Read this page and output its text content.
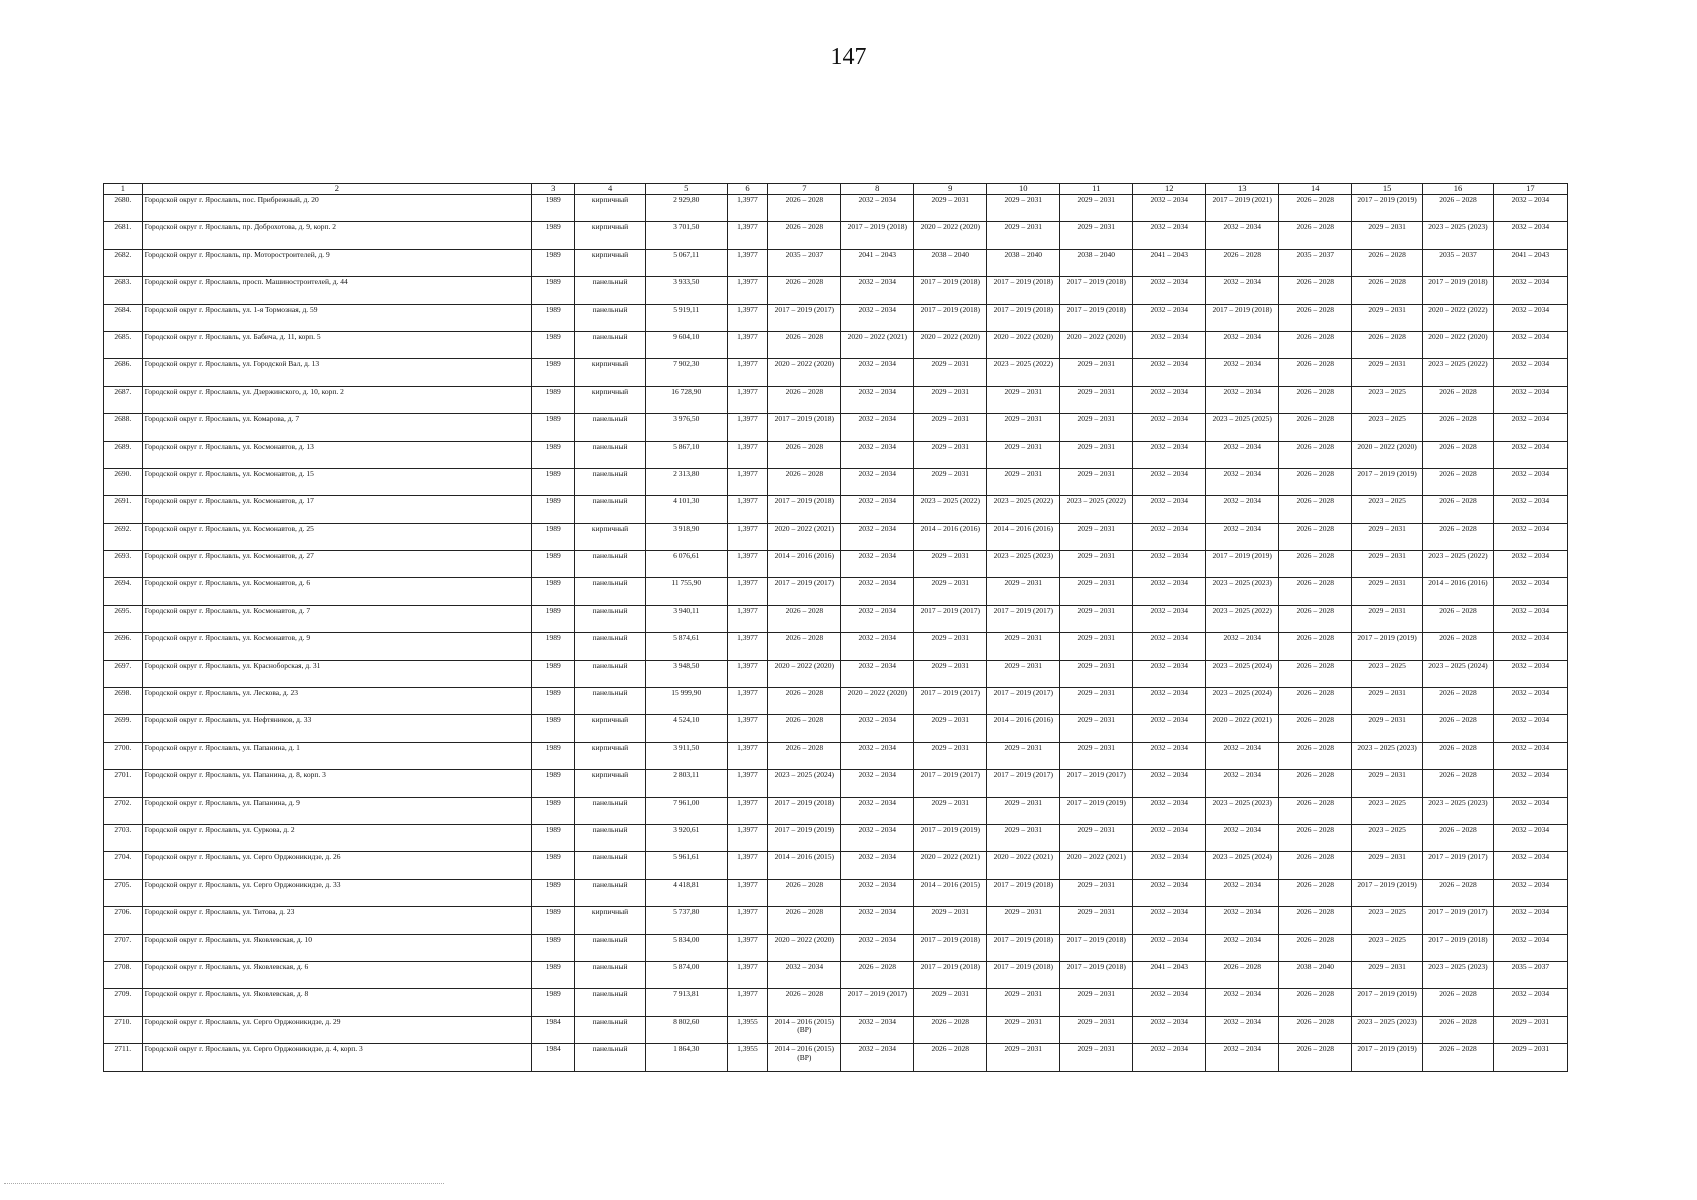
147
1	2	3	4	5	6	7	8	9	10	11	12	13	14	15	16	17
2680.	Городской округ г. Ярославль, пос. Прибрежный, д. 20	1989	кирпичный	2 929,80	1,3977	2026 – 2028	2032 – 2034	2029 – 2031	2029 – 2031	2029 – 2031	2032 – 2034	2017 – 2019 (2021)	2026 – 2028	2017 – 2019 (2019)	2026 – 2028	2032 – 2034
2681.	Городской округ г. Ярославль, пр. Доброхотова, д. 9, корп. 2	1989	кирпичный	3 701,50	1,3977	2026 – 2028	2017 – 2019 (2018)	2020 – 2022 (2020)	2029 – 2031	2029 – 2031	2032 – 2034	2032 – 2034	2026 – 2028	2029 – 2031	2023 – 2025 (2023)	2032 – 2034
2682.	Городской округ г. Ярославль, пр. Моторостроителей, д. 9	1989	кирпичный	5 067,11	1,3977	2035 – 2037	2041 – 2043	2038 – 2040	2038 – 2040	2038 – 2040	2041 – 2043	2026 – 2028	2035 – 2037	2026 – 2028	2035 – 2037	2041 – 2043
2683.	Городской округ г. Ярославль, просп. Машиностроителей, д. 44	1989	панельный	3 933,50	1,3977	2026 – 2028	2032 – 2034	2017 – 2019 (2018)	2017 – 2019 (2018)	2017 – 2019 (2018)	2032 – 2034	2032 – 2034	2026 – 2028	2026 – 2028	2017 – 2019 (2018)	2032 – 2034
2684.	Городской округ г. Ярославль, ул. 1-я Тормозная, д. 59	1989	панельный	5 919,11	1,3977	2017 – 2019 (2017)	2032 – 2034	2017 – 2019 (2018)	2017 – 2019 (2018)	2017 – 2019 (2018)	2032 – 2034	2017 – 2019 (2018)	2026 – 2028	2029 – 2031	2020 – 2022 (2022)	2032 – 2034
2685.	Городской округ г. Ярославль, ул. Бабича, д. 11, корп. 5	1989	панельный	9 604,10	1,3977	2026 – 2028	2020 – 2022 (2021)	2020 – 2022 (2020)	2020 – 2022 (2020)	2020 – 2022 (2020)	2032 – 2034	2032 – 2034	2026 – 2028	2026 – 2028	2020 – 2022 (2020)	2032 – 2034
2686.	Городской округ г. Ярославль, ул. Городской Вал, д. 13	1989	кирпичный	7 902,30	1,3977	2020 – 2022 (2020)	2032 – 2034	2029 – 2031	2023 – 2025 (2022)	2029 – 2031	2032 – 2034	2032 – 2034	2026 – 2028	2029 – 2031	2023 – 2025 (2022)	2032 – 2034
2687.	Городской округ г. Ярославль, ул. Дзержинского, д. 10, корп. 2	1989	кирпичный	16 728,90	1,3977	2026 – 2028	2032 – 2034	2029 – 2031	2029 – 2031	2029 – 2031	2032 – 2034	2032 – 2034	2026 – 2028	2023 – 2025	2026 – 2028	2032 – 2034
2688.	Городской округ г. Ярославль, ул. Комарова, д. 7	1989	панельный	3 976,50	1,3977	2017 – 2019 (2018)	2032 – 2034	2029 – 2031	2029 – 2031	2029 – 2031	2032 – 2034	2023 – 2025 (2025)	2026 – 2028	2023 – 2025	2026 – 2028	2032 – 2034
2689.	Городской округ г. Ярославль, ул. Космонавтов, д. 13	1989	панельный	5 867,10	1,3977	2026 – 2028	2032 – 2034	2029 – 2031	2029 – 2031	2029 – 2031	2032 – 2034	2032 – 2034	2026 – 2028	2020 – 2022 (2020)	2026 – 2028	2032 – 2034
2690.	Городской округ г. Ярославль, ул. Космонавтов, д. 15	1989	панельный	2 313,80	1,3977	2026 – 2028	2032 – 2034	2029 – 2031	2029 – 2031	2029 – 2031	2032 – 2034	2032 – 2034	2026 – 2028	2017 – 2019 (2019)	2026 – 2028	2032 – 2034
2691.	Городской округ г. Ярославль, ул. Космонавтов, д. 17	1989	панельный	4 101,30	1,3977	2017 – 2019 (2018)	2032 – 2034	2023 – 2025 (2022)	2023 – 2025 (2022)	2023 – 2025 (2022)	2032 – 2034	2032 – 2034	2026 – 2028	2023 – 2025	2026 – 2028	2032 – 2034
2692.	Городской округ г. Ярославль, ул. Космонавтов, д. 25	1989	кирпичный	3 918,90	1,3977	2020 – 2022 (2021)	2032 – 2034	2014 – 2016 (2016)	2014 – 2016 (2016)	2029 – 2031	2032 – 2034	2032 – 2034	2026 – 2028	2029 – 2031	2026 – 2028	2032 – 2034
2693.	Городской округ г. Ярославль, ул. Космонавтов, д. 27	1989	панельный	6 076,61	1,3977	2014 – 2016 (2016)	2032 – 2034	2029 – 2031	2023 – 2025 (2023)	2029 – 2031	2032 – 2034	2017 – 2019 (2019)	2026 – 2028	2029 – 2031	2023 – 2025 (2022)	2032 – 2034
2694.	Городской округ г. Ярославль, ул. Космонавтов, д. 6	1989	панельный	11 755,90	1,3977	2017 – 2019 (2017)	2032 – 2034	2029 – 2031	2029 – 2031	2029 – 2031	2032 – 2034	2023 – 2025 (2023)	2026 – 2028	2029 – 2031	2014 – 2016 (2016)	2032 – 2034
2695.	Городской округ г. Ярославль, ул. Космонавтов, д. 7	1989	панельный	3 940,11	1,3977	2026 – 2028	2032 – 2034	2017 – 2019 (2017)	2017 – 2019 (2017)	2029 – 2031	2032 – 2034	2023 – 2025 (2022)	2026 – 2028	2029 – 2031	2026 – 2028	2032 – 2034
2696.	Городской округ г. Ярославль, ул. Космонавтов, д. 9	1989	панельный	5 874,61	1,3977	2026 – 2028	2032 – 2034	2029 – 2031	2029 – 2031	2029 – 2031	2032 – 2034	2032 – 2034	2026 – 2028	2017 – 2019 (2019)	2026 – 2028	2032 – 2034
2697.	Городской округ г. Ярославль, ул. Красноборская, д. 31	1989	панельный	3 948,50	1,3977	2020 – 2022 (2020)	2032 – 2034	2029 – 2031	2029 – 2031	2029 – 2031	2032 – 2034	2023 – 2025 (2024)	2026 – 2028	2023 – 2025	2023 – 2025 (2024)	2032 – 2034
2698.	Городской округ г. Ярославль, ул. Лескова, д. 23	1989	панельный	15 999,90	1,3977	2026 – 2028	2020 – 2022 (2020)	2017 – 2019 (2017)	2017 – 2019 (2017)	2029 – 2031	2032 – 2034	2023 – 2025 (2024)	2026 – 2028	2029 – 2031	2026 – 2028	2032 – 2034
2699.	Городской округ г. Ярославль, ул. Нефтяников, д. 33	1989	кирпичный	4 524,10	1,3977	2026 – 2028	2032 – 2034	2029 – 2031	2014 – 2016 (2016)	2029 – 2031	2032 – 2034	2020 – 2022 (2021)	2026 – 2028	2029 – 2031	2026 – 2028	2032 – 2034
2700.	Городской округ г. Ярославль, ул. Папанина, д. 1	1989	кирпичный	3 911,50	1,3977	2026 – 2028	2032 – 2034	2029 – 2031	2029 – 2031	2029 – 2031	2032 – 2034	2032 – 2034	2026 – 2028	2023 – 2025 (2023)	2026 – 2028	2032 – 2034
2701.	Городской округ г. Ярославль, ул. Папанина, д. 8, корп. 3	1989	кирпичный	2 803,11	1,3977	2023 – 2025 (2024)	2032 – 2034	2017 – 2019 (2017)	2017 – 2019 (2017)	2017 – 2019 (2017)	2032 – 2034	2032 – 2034	2026 – 2028	2029 – 2031	2026 – 2028	2032 – 2034
2702.	Городской округ г. Ярославль, ул. Папанина, д. 9	1989	панельный	7 961,00	1,3977	2017 – 2019 (2018)	2032 – 2034	2029 – 2031	2029 – 2031	2017 – 2019 (2019)	2032 – 2034	2023 – 2025 (2023)	2026 – 2028	2023 – 2025	2023 – 2025 (2023)	2032 – 2034
2703.	Городской округ г. Ярославль, ул. Суркова, д. 2	1989	панельный	3 920,61	1,3977	2017 – 2019 (2019)	2032 – 2034	2017 – 2019 (2019)	2029 – 2031	2029 – 2031	2032 – 2034	2032 – 2034	2026 – 2028	2023 – 2025	2026 – 2028	2032 – 2034
2704.	Городской округ г. Ярославль, ул. Серго Орджоникидзе, д. 26	1989	панельный	5 961,61	1,3977	2014 – 2016 (2015)	2032 – 2034	2020 – 2022 (2021)	2020 – 2022 (2021)	2020 – 2022 (2021)	2032 – 2034	2023 – 2025 (2024)	2026 – 2028	2029 – 2031	2017 – 2019 (2017)	2032 – 2034
2705.	Городской округ г. Ярославль, ул. Серго Орджоникидзе, д. 33	1989	панельный	4 418,81	1,3977	2026 – 2028	2032 – 2034	2014 – 2016 (2015)	2017 – 2019 (2018)	2029 – 2031	2032 – 2034	2032 – 2034	2026 – 2028	2017 – 2019 (2019)	2026 – 2028	2032 – 2034
2706.	Городской округ г. Ярославль, ул. Титова, д. 23	1989	кирпичный	5 737,80	1,3977	2026 – 2028	2032 – 2034	2029 – 2031	2029 – 2031	2029 – 2031	2032 – 2034	2032 – 2034	2026 – 2028	2023 – 2025	2017 – 2019 (2017)	2032 – 2034
2707.	Городской округ г. Ярославль, ул. Яковлевская, д. 10	1989	панельный	5 834,00	1,3977	2020 – 2022 (2020)	2032 – 2034	2017 – 2019 (2018)	2017 – 2019 (2018)	2017 – 2019 (2018)	2032 – 2034	2032 – 2034	2026 – 2028	2023 – 2025	2017 – 2019 (2018)	2032 – 2034
2708.	Городской округ г. Ярославль, ул. Яковлевская, д. 6	1989	панельный	5 874,00	1,3977	2032 – 2034	2026 – 2028	2017 – 2019 (2018)	2017 – 2019 (2018)	2017 – 2019 (2018)	2041 – 2043	2026 – 2028	2038 – 2040	2029 – 2031	2023 – 2025 (2023)	2035 – 2037
2709.	Городской округ г. Ярославль, ул. Яковлевская, д. 8	1989	панельный	7 913,81	1,3977	2026 – 2028	2017 – 2019 (2017)	2029 – 2031	2029 – 2031	2029 – 2031	2032 – 2034	2032 – 2034	2026 – 2028	2017 – 2019 (2019)	2026 – 2028	2032 – 2034
2710.	Городской округ г. Ярославль, ул. Серго Орджоникидзе, д. 29	1984	панельный	8 802,60	1,3955	2014 – 2016 (2015) (ВР)	2032 – 2034	2026 – 2028	2029 – 2031	2029 – 2031	2032 – 2034	2032 – 2034	2026 – 2028	2023 – 2025 (2023)	2026 – 2028	2029 – 2031
2711.	Городской округ г. Ярославль, ул. Серго Орджоникидзе, д. 4, корп. 3	1984	панельный	1 864,30	1,3955	2014 – 2016 (2015) (ВР)	2032 – 2034	2026 – 2028	2029 – 2031	2029 – 2031	2032 – 2034	2032 – 2034	2026 – 2028	2017 – 2019 (2019)	2026 – 2028	2029 – 2031
